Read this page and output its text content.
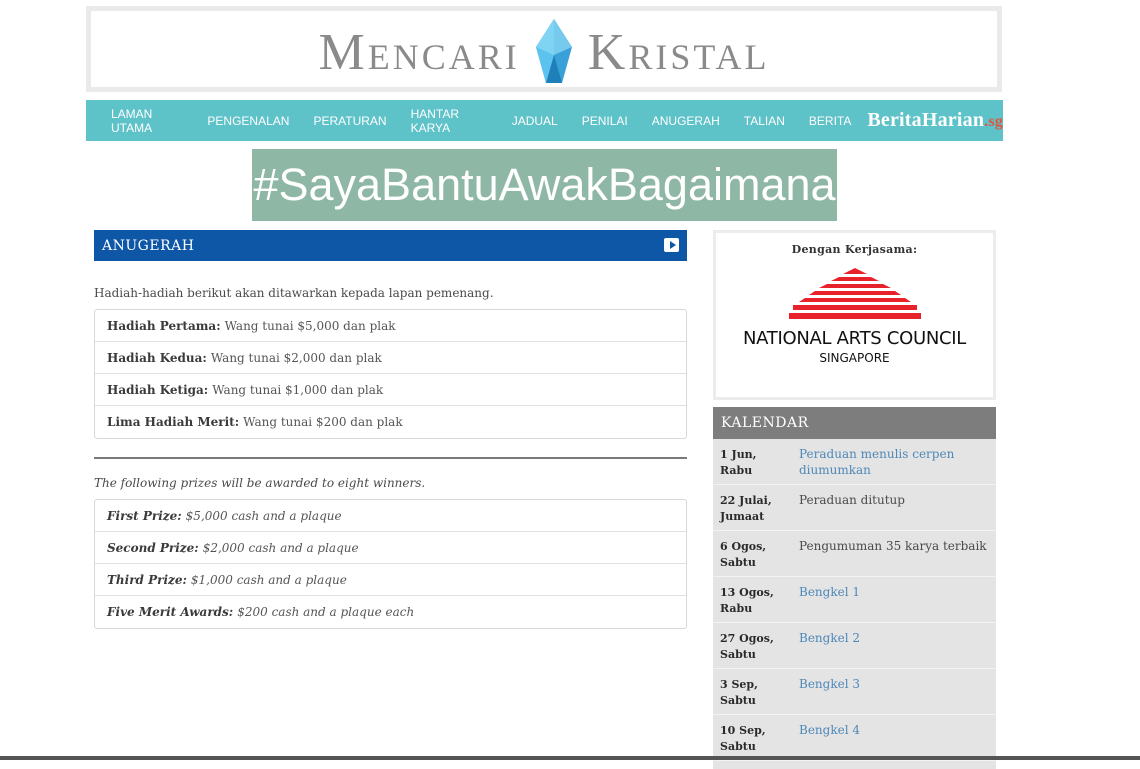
MENCARI KRISTAL
LAMAN UTAMA	PENGENALAN PERATURAN HANTAR KARYA	JADUAL PENILAI ANUGERAH TALIAN BERITA BeritaHarian.sg
#SayaBantuAwakBagaimana
ANUGERAH
Hadiah-hadiah berikut akan ditawarkan kepada lapan pemenang.
Hadiah Pertama: Wang tunai $5,000 dan plak
Hadiah Kedua: Wang tunai $2,000 dan plak
Hadiah Ketiga: Wang tunai $1,000 dan plak
Lima Hadiah Merit: Wang tunai $200 dan plak
The following prizes will be awarded to eight winners.
First Prize: $5,000 cash and a plaque
Second Prize: $2,000 cash and a plaque
Third Prize: $1,000 cash and a plaque
Five Merit Awards: $200 cash and a plaque each
Dengan Kerjasama:
NATIONAL ARTS COUNCIL
SINGAPORE
KALENDAR
1 Jun, Rabu

Peraduan menulis cerpen diumumkan
22 Julai,
Jumaat
Peraduan ditutup
6 Ogos,
Sabtu
Pengumuman 35 karya terbaik
13 Ogos,
Rabu
Bengkel 1
27 Ogos,
Sabtu
Bengkel 2
3 Sep,
Sabtu
Bengkel 3
10 Sep,
Sabtu
Bengkel 4
